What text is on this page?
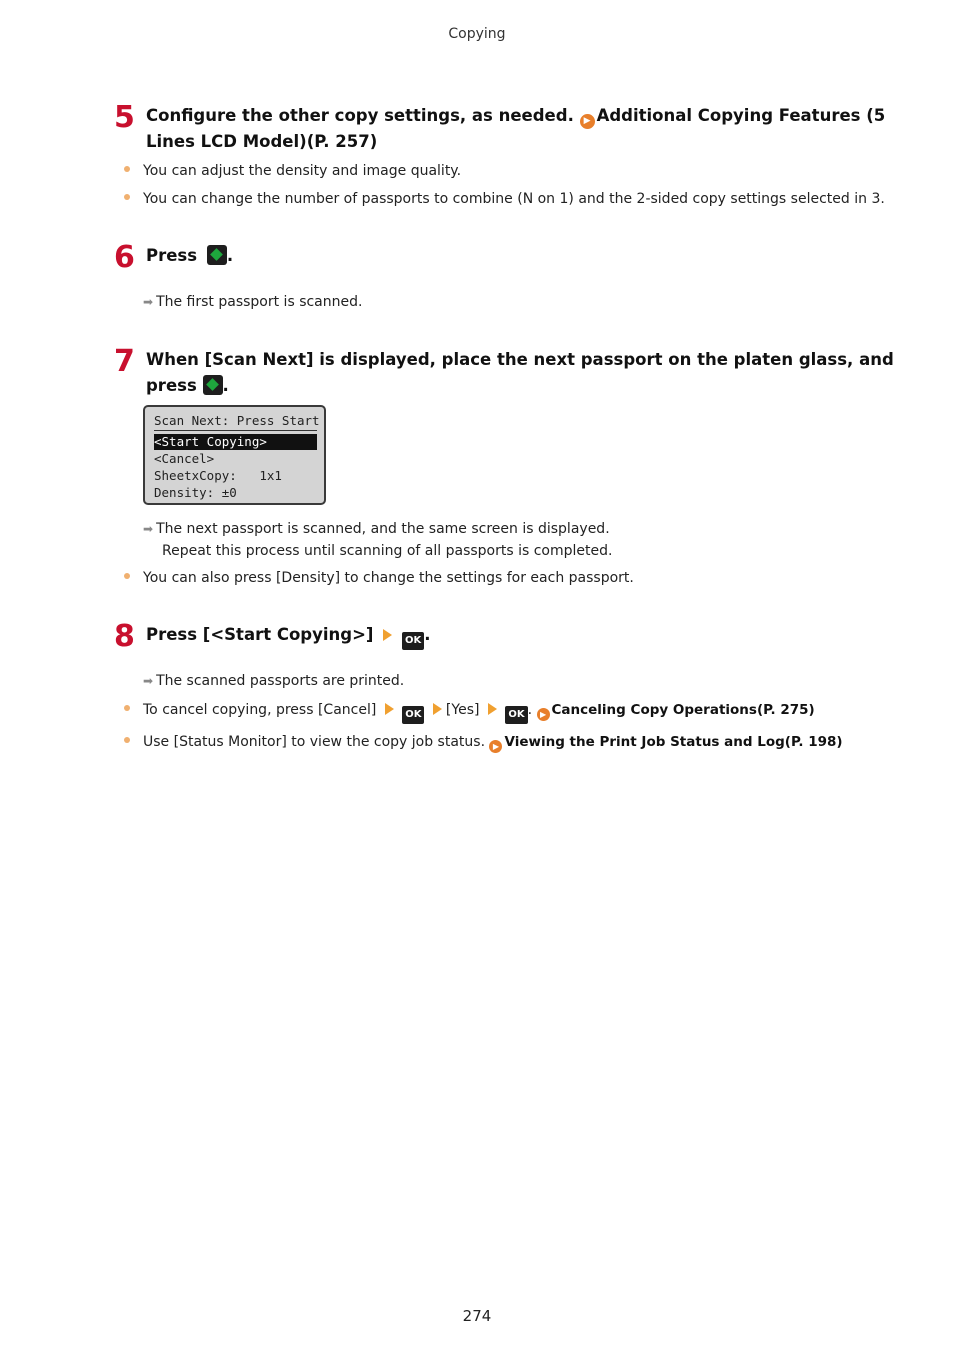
Copying
5 Configure the other copy settings, as needed. ▶ Additional Copying Features (5 Lines LCD Model)(P. 257)
You can adjust the density and image quality.
You can change the number of passports to combine (N on 1) and the 2-sided copy settings selected in 3.
6 Press .
➡ The first passport is scanned.
7 When [Scan Next] is displayed, place the next passport on the platen glass, and press .
Scan Next: Press Start
<Start Copying>
<Cancel>
SheetxCopy:   1x1
Density: ±0
➡ The next passport is scanned, and the same screen is displayed.
Repeat this process until scanning of all passports is completed.
You can also press [Density] to change the settings for each passport.
8 Press [<Start Copying>]	OK .
➡ The scanned passports are printed.
To cancel copying, press [Cancel]	OK [Yes]	OK . ▶ Canceling Copy Operations(P. 275)
Use [Status Monitor] to view the copy job status. ▶ Viewing the Print Job Status and Log(P. 198)
274
